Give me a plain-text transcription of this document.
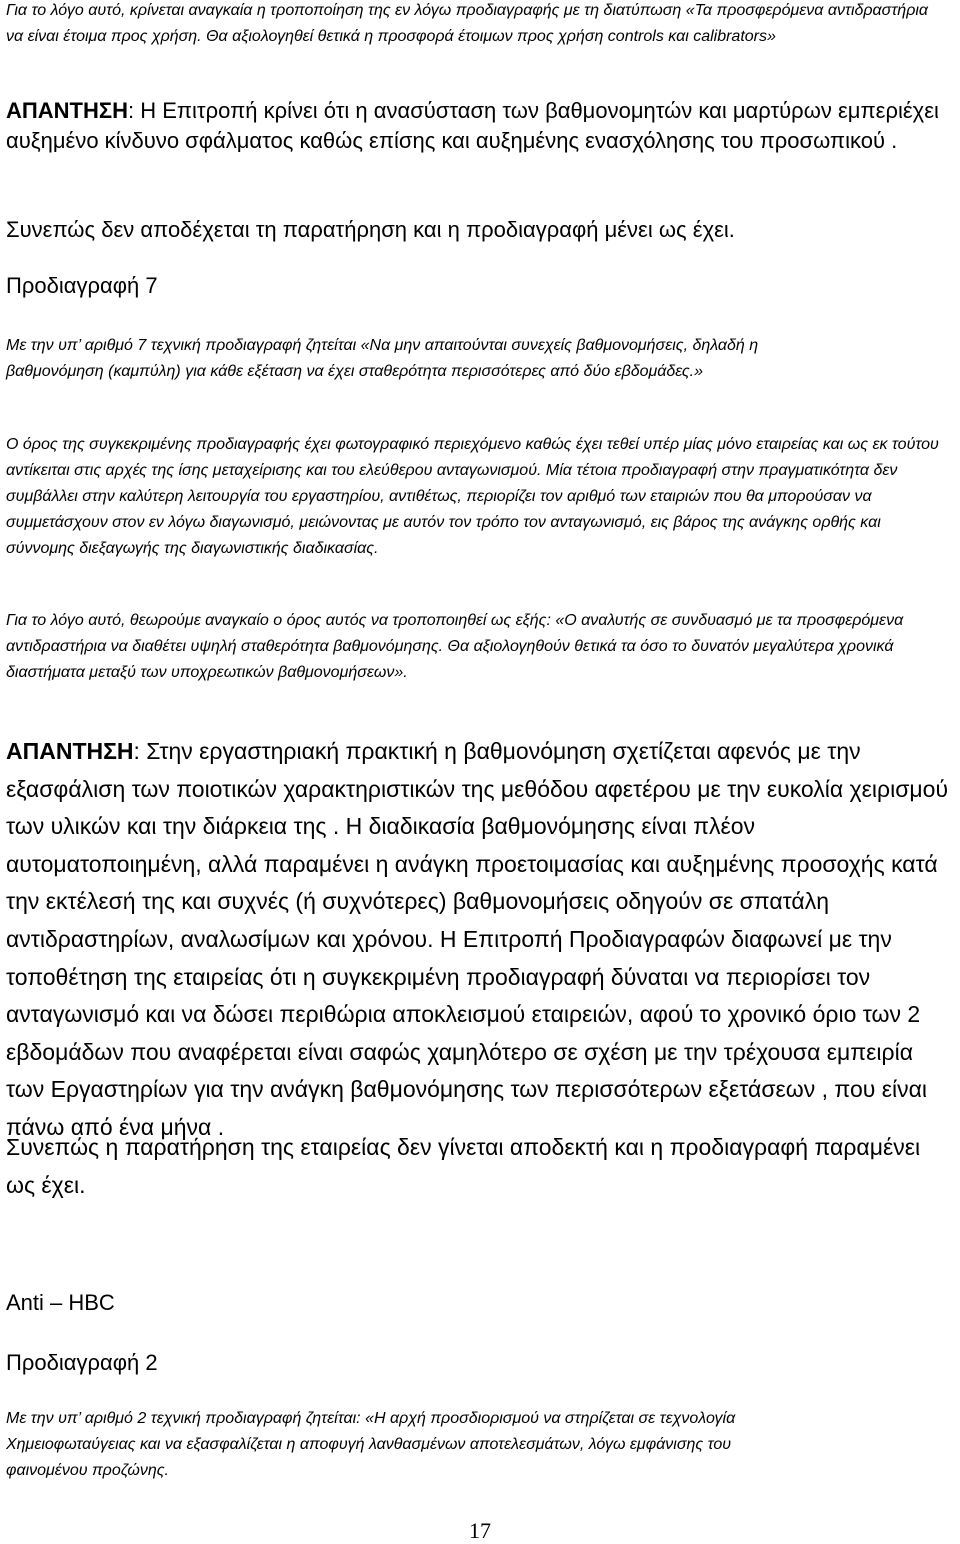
Για το λόγο αυτό, κρίνεται αναγκαία η τροποποίηση της εν λόγω προδιαγραφής με τη διατύπωση «Τα προσφερόμενα αντιδραστήρια να είναι έτοιμα προς χρήση. Θα αξιολογηθεί θετικά η προσφορά έτοιμων προς χρήση controls και calibrators»

ΑΠΑΝΤΗΣΗ: Η Επιτροπή κρίνει ότι η ανασύσταση των βαθμονομητών και μαρτύρων εμπεριέχει αυξημένο κίνδυνο σφάλματος καθώς επίσης και αυξημένης ενασχόλησης του προσωπικού .

Συνεπώς δεν αποδέχεται τη παρατήρηση και η προδιαγραφή μένει ως έχει.

Προδιαγραφή 7

Με την υπ’ αριθμό 7 τεχνική προδιαγραφή ζητείται «Να μην απαιτούνται συνεχείς βαθμονομήσεις, δηλαδή η βαθμονόμηση (καμπύλη) για κάθε εξέταση να έχει σταθερότητα περισσότερες από δύο εβδομάδες.»

Ο όρος της συγκεκριμένης προδιαγραφής έχει φωτογραφικό περιεχόμενο καθώς έχει τεθεί υπέρ μίας μόνο εταιρείας και ως εκ τούτου αντίκειται στις αρχές της ίσης μεταχείρισης και του ελεύθερου ανταγωνισμού. Μία τέτοια προδιαγραφή στην πραγματικότητα δεν συμβάλλει στην καλύτερη λειτουργία του εργαστηρίου, αντιθέτως, περιορίζει τον αριθμό των εταιριών που θα μπορούσαν να συμμετάσχουν στον εν λόγω διαγωνισμό, μειώνοντας με αυτόν τον τρόπο τον ανταγωνισμό, εις βάρος της ανάγκης ορθής και σύννομης διεξαγωγής της διαγωνιστικής διαδικασίας.

Για το λόγο αυτό, θεωρούμε αναγκαίο ο όρος αυτός να τροποποιηθεί ως εξής: «Ο αναλυτής σε συνδυασμό με τα προσφερόμενα αντιδραστήρια να διαθέτει υψηλή σταθερότητα βαθμονόμησης. Θα αξιολογηθούν θετικά τα όσο το δυνατόν μεγαλύτερα χρονικά διαστήματα μεταξύ των υποχρεωτικών βαθμονομήσεων».

ΑΠΑΝΤΗΣΗ: Στην εργαστηριακή πρακτική η βαθμονόμηση σχετίζεται αφενός με την εξασφάλιση των ποιοτικών χαρακτηριστικών της μεθόδου αφετέρου με την ευκολία χειρισμού των υλικών και την διάρκεια της . Η διαδικασία βαθμονόμησης είναι πλέον αυτοματοποιημένη, αλλά παραμένει η ανάγκη προετοιμασίας και αυξημένης προσοχής κατά την εκτέλεσή της και συχνές (ή συχνότερες) βαθμονομήσεις οδηγούν σε σπατάλη αντιδραστηρίων, αναλωσίμων και χρόνου. Η Επιτροπή Προδιαγραφών διαφωνεί με την τοποθέτηση της εταιρείας ότι η συγκεκριμένη προδιαγραφή δύναται να περιορίσει τον ανταγωνισμό και να δώσει περιθώρια αποκλεισμού εταιρειών, αφού το χρονικό όριο των 2 εβδομάδων που αναφέρεται είναι σαφώς χαμηλότερο σε σχέση με την τρέχουσα εμπειρία των Εργαστηρίων για την ανάγκη βαθμονόμησης των περισσότερων εξετάσεων , που είναι πάνω από ένα μήνα .

Συνεπώς η παρατήρηση της εταιρείας δεν γίνεται αποδεκτή και η προδιαγραφή παραμένει ως έχει.

Anti – HBC

Προδιαγραφή 2

Με την υπ’ αριθμό 2 τεχνική προδιαγραφή ζητείται: «Η αρχή προσδιορισμού να στηρίζεται σε τεχνολογία Χημειοφωταύγειας και να εξασφαλίζεται η αποφυγή λανθασμένων αποτελεσμάτων, λόγω εμφάνισης του φαινομένου προζώνης.

17
